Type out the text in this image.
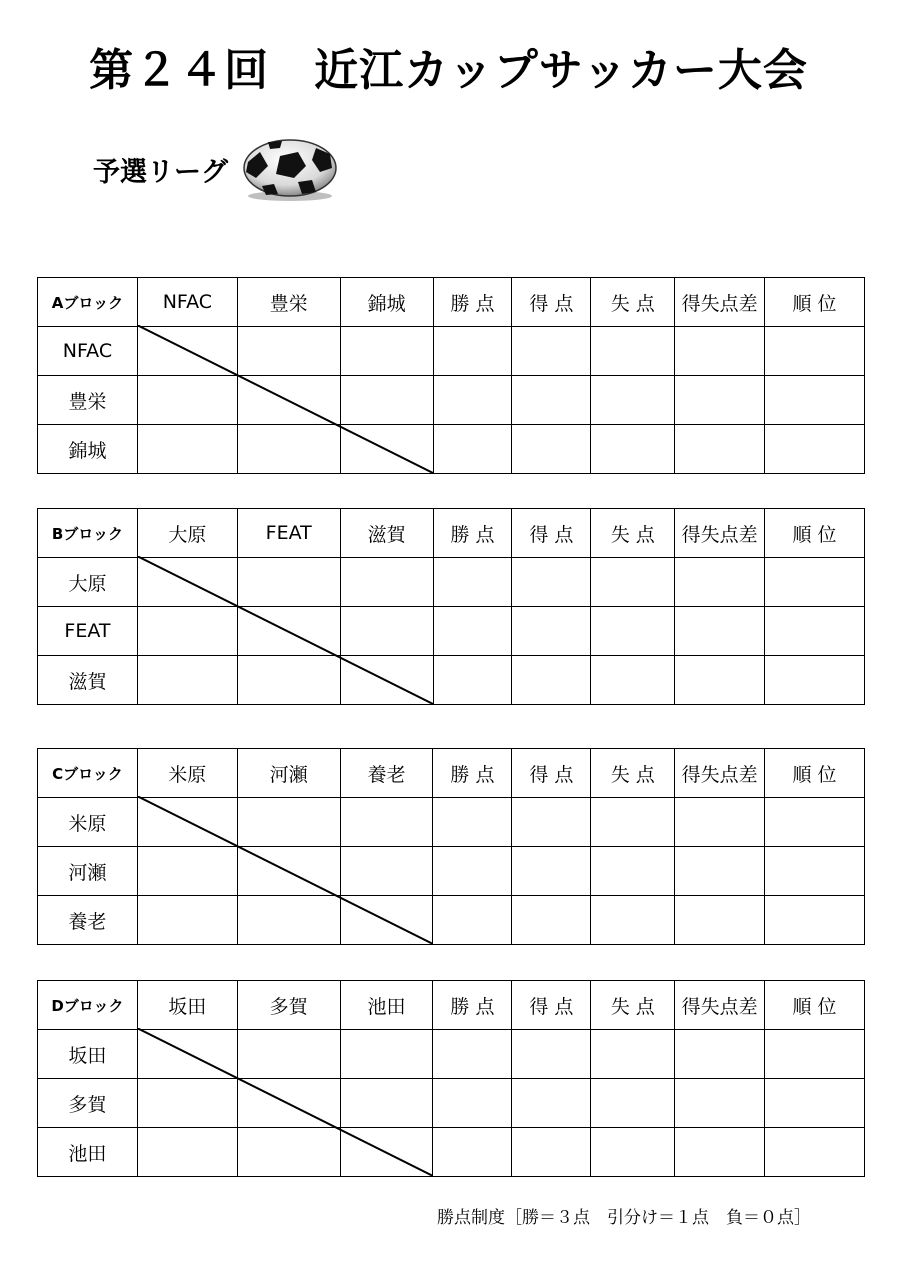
第２４回　近江カップサッカー大会
予選リーグ
Aブロック	NFAC	豊栄	錦城	勝 点	得 点	失 点	得失点差	順 位
NFAC								
豊栄								
錦城								
Bブロック	大原	FEAT	滋賀	勝 点	得 点	失 点	得失点差	順 位
大原								
FEAT								
滋賀								
Cブロック	米原	河瀬	養老	勝 点	得 点	失 点	得失点差	順 位
米原								
河瀬								
養老								
Dブロック	坂田	多賀	池田	勝 点	得 点	失 点	得失点差	順 位
坂田								
多賀								
池田								
勝点制度［勝＝３点　引分け＝１点　負＝０点］
